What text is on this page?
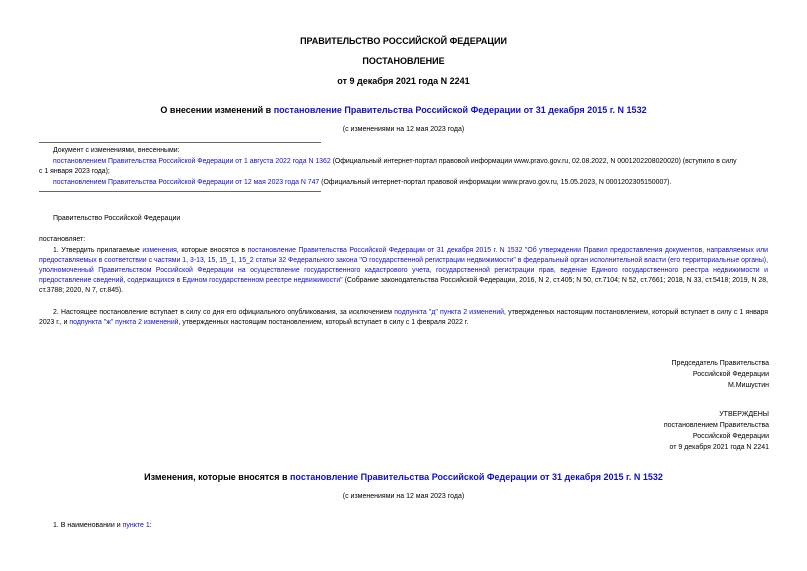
ПРАВИТЕЛЬСТВО РОССИЙСКОЙ ФЕДЕРАЦИИ
ПОСТАНОВЛЕНИЕ
от 9 декабря 2021 года N 2241
О внесении изменений в постановление Правительства Российской Федерации от 31 декабря 2015 г. N 1532
(с изменениями на 12 мая 2023 года)
Документ с изменениями, внесенными:
постановлением Правительства Российской Федерации от 1 августа 2022 года N 1362 (Официальный интернет-портал правовой информации www.pravo.gov.ru, 02.08.2022, N 0001202208020020) (вступило в силу
с 1 января 2023 года);
постановлением Правительства Российской Федерации от 12 мая 2023 года N 747 (Официальный интернет-портал правовой информации www.pravo.gov.ru, 15.05.2023, N 0001202305150007).
Правительство Российской Федерации
постановляет:
1. Утвердить прилагаемые изменения, которые вносятся в постановление Правительства Российской Федерации от 31 декабря 2015 г. N 1532 "Об утверждении Правил предоставления документов, направляемых или предоставляемых в соответствии с частями 1, 3-13, 15, 15_1, 15_2 статьи 32 Федерального закона "О государственной регистрации недвижимости" в федеральный орган исполнительной власти (его территориальные органы), уполномоченный Правительством Российской Федерации на осуществление государственного кадастрового учета, государственной регистрации прав, ведение Единого государственного реестра недвижимости и предоставление сведений, содержащихся в Едином государственном реестре недвижимости" (Собрание законодательства Российской Федерации, 2016, N 2, ст.405; N 50, ст.7104; N 52, ст.7661; 2018, N 33, ст.5418; 2019, N 28, ст.3788; 2020, N 7, ст.845).
2. Настоящее постановление вступает в силу со дня его официального опубликования, за исключением подпункта "д" пункта 2 изменений, утвержденных настоящим постановлением, который вступает в силу с 1 января 2023 г., и подпункта "ж" пункта 2 изменений, утвержденных настоящим постановлением, который вступает в силу с 1 февраля 2022 г.
Председатель Правительства
Российской Федерации
М.Мишустин
УТВЕРЖДЕНЫ
постановлением Правительства
Российской Федерации
от 9 декабря 2021 года N 2241
Изменения, которые вносятся в постановление Правительства Российской Федерации от 31 декабря 2015 г. N 1532
(с изменениями на 12 мая 2023 года)
1. В наименовании и пункте 1:
